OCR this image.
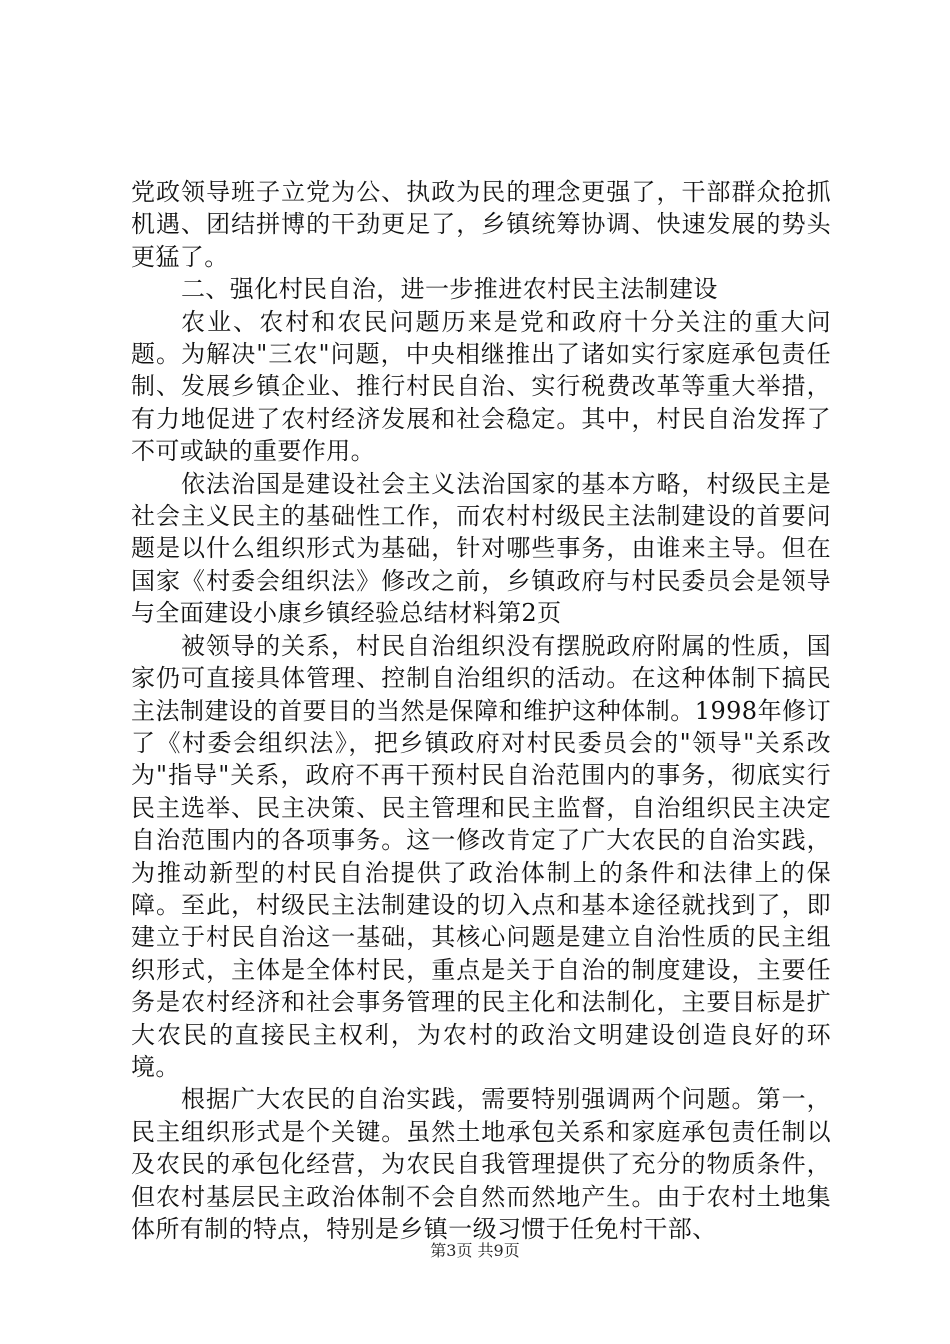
党政领导班子立党为公、执政为民的理念更强了，干部群众抢抓机遇、团结拼博的干劲更足了，乡镇统筹协调、快速发展的势头更猛了。

二、强化村民自治，进一步推进农村民主法制建设

农业、农村和农民问题历来是党和政府十分关注的重大问题。为解决"三农"问题，中央相继推出了诸如实行家庭承包责任制、发展乡镇企业、推行村民自治、实行税费改革等重大举措，有力地促进了农村经济发展和社会稳定。其中，村民自治发挥了不可或缺的重要作用。

依法治国是建设社会主义法治国家的基本方略，村级民主是社会主义民主的基础性工作，而农村村级民主法制建设的首要问题是以什么组织形式为基础，针对哪些事务，由谁来主导。但在国家《村委会组织法》修改之前，乡镇政府与村民委员会是领导与全面建设小康乡镇经验总结材料第2页

被领导的关系，村民自治组织没有摆脱政府附属的性质，国家仍可直接具体管理、控制自治组织的活动。在这种体制下搞民主法制建设的首要目的当然是保障和维护这种体制。1998年修订了《村委会组织法》，把乡镇政府对村民委员会的"领导"关系改为"指导"关系，政府不再干预村民自治范围内的事务，彻底实行民主选举、民主决策、民主管理和民主监督，自治组织民主决定自治范围内的各项事务。这一修改肯定了广大农民的自治实践，为推动新型的村民自治提供了政治体制上的条件和法律上的保障。至此，村级民主法制建设的切入点和基本途径就找到了，即建立于村民自治这一基础，其核心问题是建立自治性质的民主组织形式，主体是全体村民，重点是关于自治的制度建设，主要任务是农村经济和社会事务管理的民主化和法制化，主要目标是扩大农民的直接民主权利，为农村的政治文明建设创造良好的环境。

根据广大农民的自治实践，需要特别强调两个问题。第一，民主组织形式是个关键。虽然土地承包关系和家庭承包责任制以及农民的承包化经营，为农民自我管理提供了充分的物质条件，但农村基层民主政治体制不会自然而然地产生。由于农村土地集体所有制的特点，特别是乡镇一级习惯于任免村干部、

第3页 共9页
